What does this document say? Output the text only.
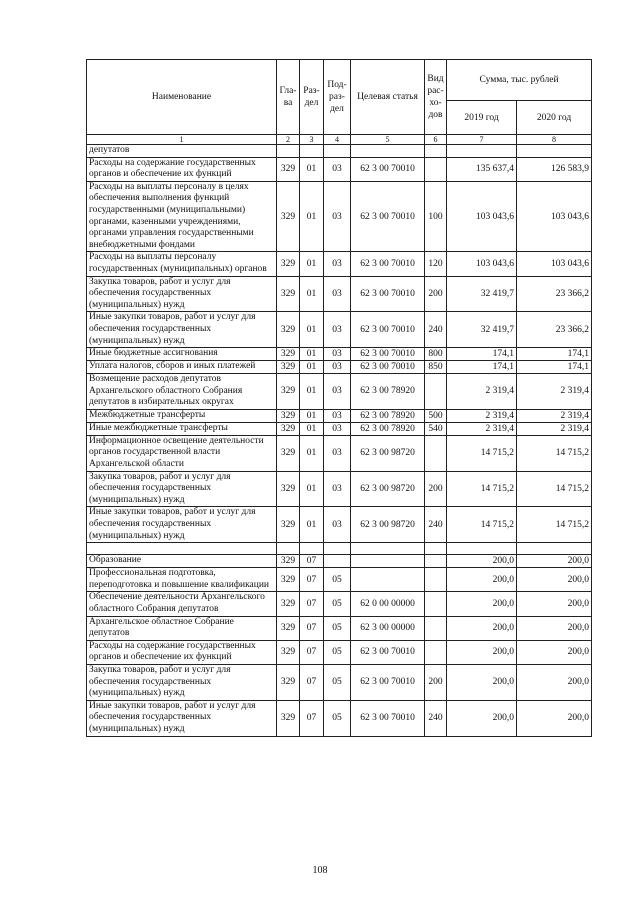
Наименование	Гла-ва	Раз-дел	Под-раз-дел	Целевая статья	Вид рас-хо-дов	Сумма, тыс. рублей	
						2019 год	2020 год
1	2	3	4	5	6	7	8
депутатов							
Расходы на содержание государственных органов и обеспечение их функций	329	01	03	62 3 00 70010		135 637,4	126 583,9
Расходы на выплаты персоналу в целях обеспечения выполнения функций государственными (муниципальными) органами, казенными учреждениями, органами управления государственными внебюджетными фондами	329	01	03	62 3 00 70010	100	103 043,6	103 043,6
Расходы на выплаты персоналу государственных (муниципальных) органов	329	01	03	62 3 00 70010	120	103 043,6	103 043,6
Закупка товаров, работ и услуг для обеспечения государственных (муниципальных) нужд	329	01	03	62 3 00 70010	200	32 419,7	23 366,2
Иные закупки товаров, работ и услуг для обеспечения государственных (муниципальных) нужд	329	01	03	62 3 00 70010	240	32 419,7	23 366,2
Иные бюджетные ассигнования	329	01	03	62 3 00 70010	800	174,1	174,1
Уплата налогов, сборов и иных платежей	329	01	03	62 3 00 70010	850	174,1	174,1
Возмещение расходов депутатов Архангельского областного Собрания депутатов в избирательных округах	329	01	03	62 3 00 78920		2 319,4	2 319,4
Межбюджетные трансферты	329	01	03	62 3 00 78920	500	2 319,4	2 319,4
Иные межбюджетные трансферты	329	01	03	62 3 00 78920	540	2 319,4	2 319,4
Информационное освещение деятельности органов государственной власти Архангельской области	329	01	03	62 3 00 98720		14 715,2	14 715,2
Закупка товаров, работ и услуг для обеспечения государственных (муниципальных) нужд	329	01	03	62 3 00 98720	200	14 715,2	14 715,2
Иные закупки товаров, работ и услуг для обеспечения государственных (муниципальных) нужд	329	01	03	62 3 00 98720	240	14 715,2	14 715,2

Образование	329	07				200,0	200,0
Профессиональная подготовка, переподготовка и повышение квалификации	329	07	05			200,0	200,0
Обеспечение деятельности Архангельского областного Собрания депутатов	329	07	05	62 0 00 00000		200,0	200,0
Архангельское областное Собрание депутатов	329	07	05	62 3 00 00000		200,0	200,0
Расходы на содержание государственных органов и обеспечение их функций	329	07	05	62 3 00 70010		200,0	200,0
Закупка товаров, работ и услуг для обеспечения государственных (муниципальных) нужд	329	07	05	62 3 00 70010	200	200,0	200,0
Иные закупки товаров, работ и услуг для обеспечения государственных (муниципальных) нужд	329	07	05	62 3 00 70010	240	200,0	200,0
108
